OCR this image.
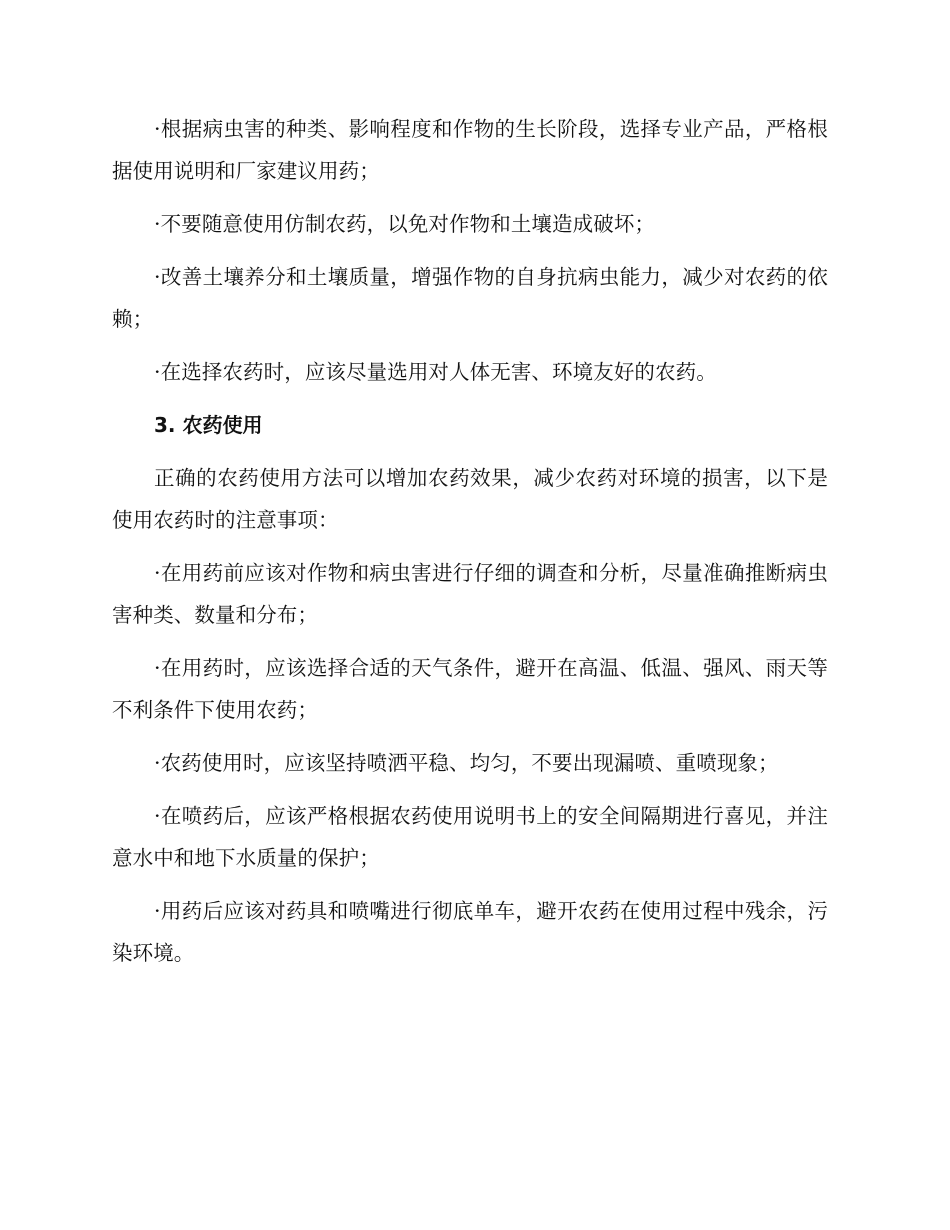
·根据病虫害的种类、影响程度和作物的生长阶段，选择专业产品，严格根据使用说明和厂家建议用药；

·不要随意使用仿制农药，以免对作物和土壤造成破坏；

·改善土壤养分和土壤质量，增强作物的自身抗病虫能力，减少对农药的依赖；

·在选择农药时，应该尽量选用对人体无害、环境友好的农药。

3. 农药使用

正确的农药使用方法可以增加农药效果，减少农药对环境的损害，以下是使用农药时的注意事项：

·在用药前应该对作物和病虫害进行仔细的调查和分析，尽量准确推断病虫害种类、数量和分布；

·在用药时，应该选择合适的天气条件，避开在高温、低温、强风、雨天等不利条件下使用农药；

·农药使用时，应该坚持喷洒平稳、均匀，不要出现漏喷、重喷现象；

·在喷药后，应该严格根据农药使用说明书上的安全间隔期进行喜见，并注意水中和地下水质量的保护；

·用药后应该对药具和喷嘴进行彻底单车，避开农药在使用过程中残余，污染环境。
